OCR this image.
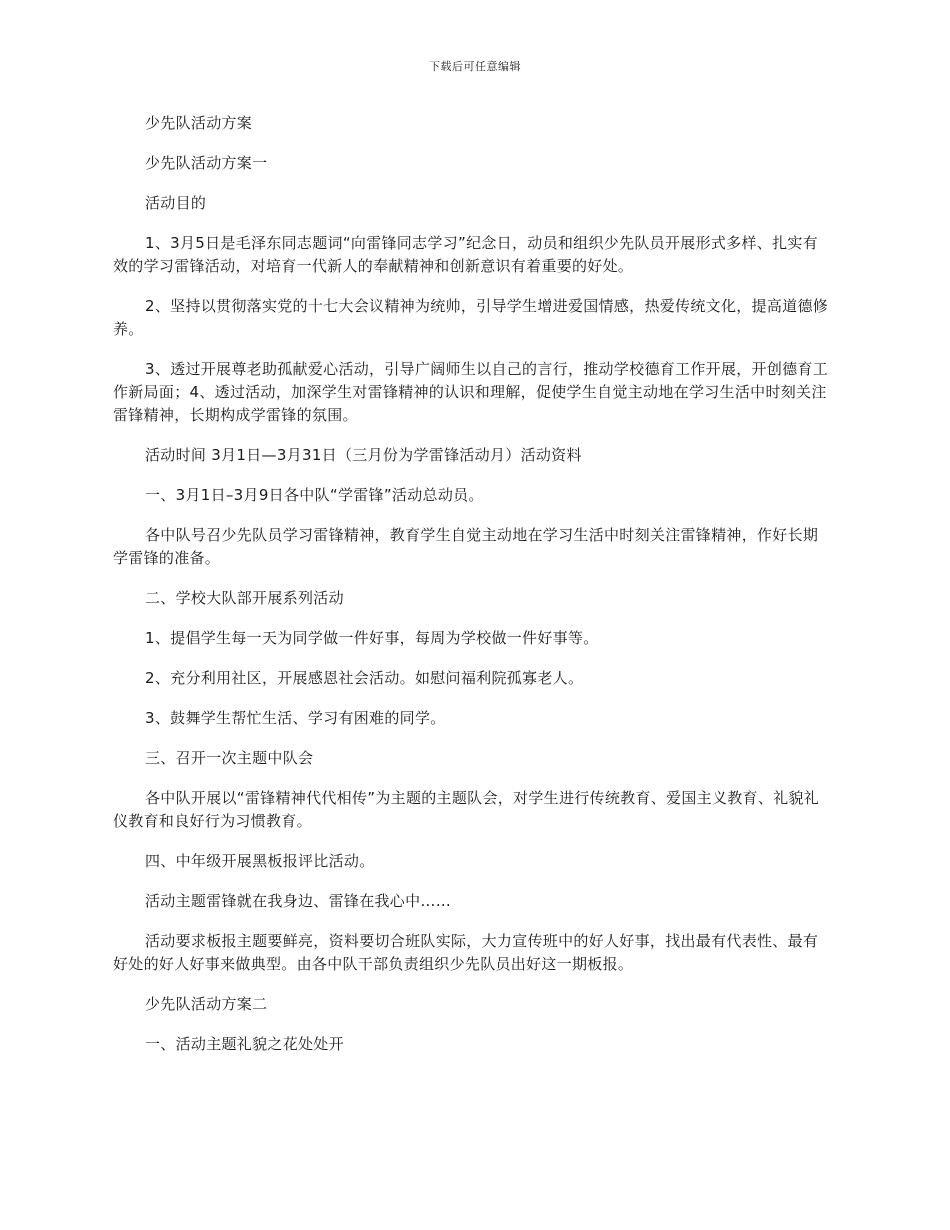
下载后可任意编辑

少先队活动方案

少先队活动方案一

活动目的

1、3月5日是毛泽东同志题词“向雷锋同志学习”纪念日，动员和组织少先队员开展形式多样、扎实有效的学习雷锋活动，对培育一代新人的奉献精神和创新意识有着重要的好处。

2、坚持以贯彻落实党的十七大会议精神为统帅，引导学生增进爱国情感，热爱传统文化，提高道德修养。

3、透过开展尊老助孤献爱心活动，引导广阔师生以自己的言行，推动学校德育工作开展，开创德育工作新局面；4、透过活动，加深学生对雷锋精神的认识和理解，促使学生自觉主动地在学习生活中时刻关注雷锋精神，长期构成学雷锋的氛围。

活动时间 3月1日—3月31日（三月份为学雷锋活动月）活动资料

一、3月1日–3月9日各中队“学雷锋”活动总动员。

各中队号召少先队员学习雷锋精神，教育学生自觉主动地在学习生活中时刻关注雷锋精神，作好长期学雷锋的准备。

二、学校大队部开展系列活动

1、提倡学生每一天为同学做一件好事，每周为学校做一件好事等。

2、充分利用社区，开展感恩社会活动。如慰问福利院孤寡老人。

3、鼓舞学生帮忙生活、学习有困难的同学。

三、召开一次主题中队会

各中队开展以“雷锋精神代代相传”为主题的主题队会，对学生进行传统教育、爱国主义教育、礼貌礼仪教育和良好行为习惯教育。

四、中年级开展黑板报评比活动。

活动主题雷锋就在我身边、雷锋在我心中……

活动要求板报主题要鲜亮，资料要切合班队实际，大力宣传班中的好人好事，找出最有代表性、最有好处的好人好事来做典型。由各中队干部负责组织少先队员出好这一期板报。

少先队活动方案二

一、活动主题礼貌之花处处开
